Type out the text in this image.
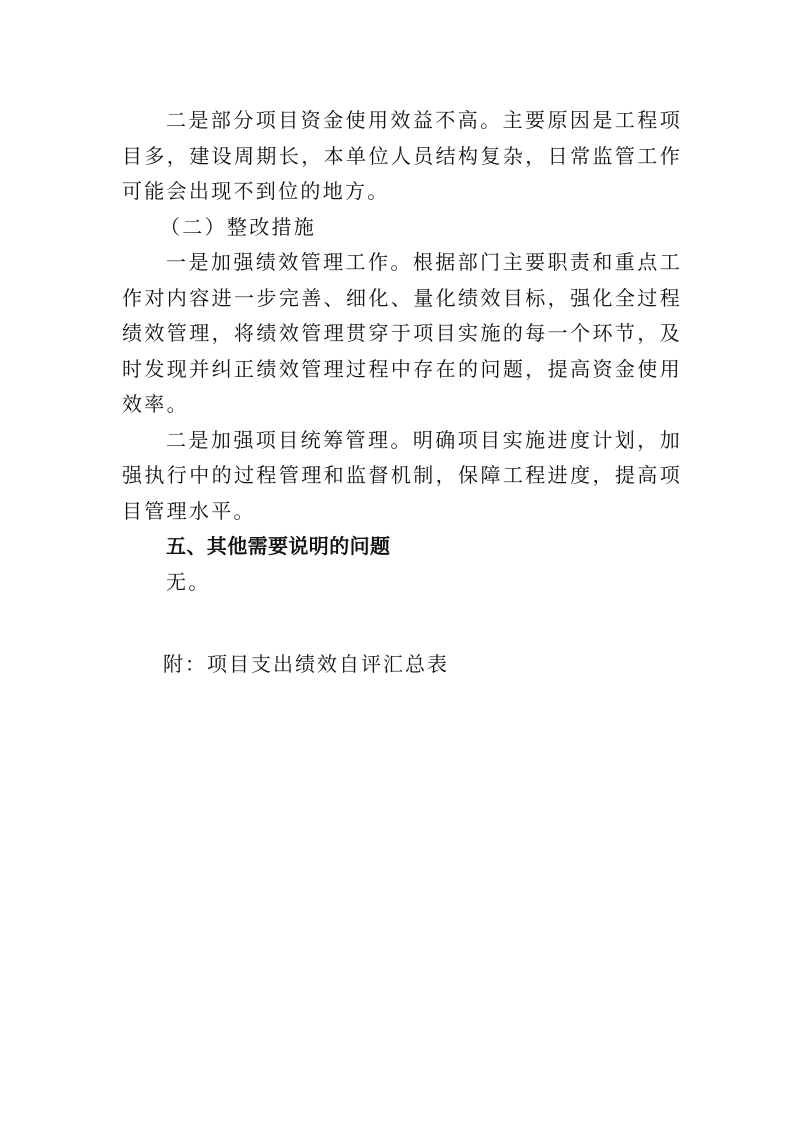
二是部分项目资金使用效益不高。主要原因是工程项目多，建设周期长，本单位人员结构复杂，日常监管工作可能会出现不到位的地方。

（二）整改措施

一是加强绩效管理工作。根据部门主要职责和重点工作对内容进一步完善、细化、量化绩效目标，强化全过程绩效管理，将绩效管理贯穿于项目实施的每一个环节，及时发现并纠正绩效管理过程中存在的问题，提高资金使用效率。

二是加强项目统筹管理。明确项目实施进度计划，加强执行中的过程管理和监督机制，保障工程进度，提高项目管理水平。

五、其他需要说明的问题

无。

附：项目支出绩效自评汇总表
